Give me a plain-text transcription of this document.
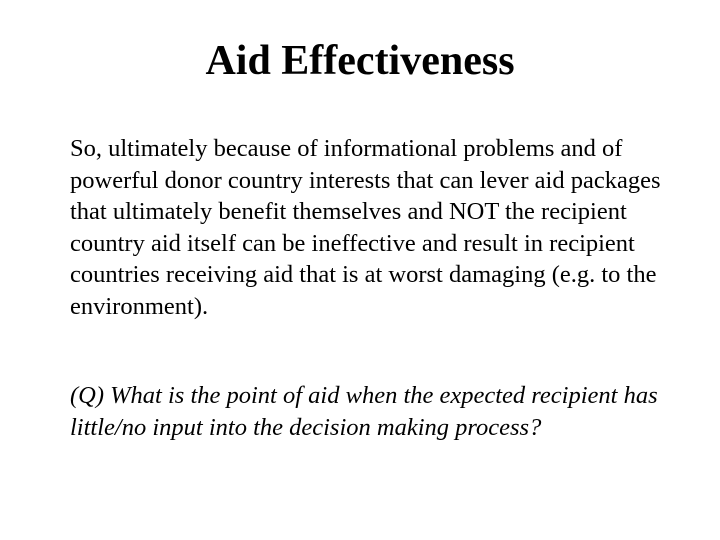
Aid Effectiveness

So, ultimately because of informational problems and of powerful donor country interests that can lever aid packages that ultimately benefit themselves and NOT the recipient country aid itself can be ineffective and result in recipient countries receiving aid that is at worst damaging (e.g. to the environment).

(Q) What is the point of aid when the expected recipient has little/no input into the decision making process?
